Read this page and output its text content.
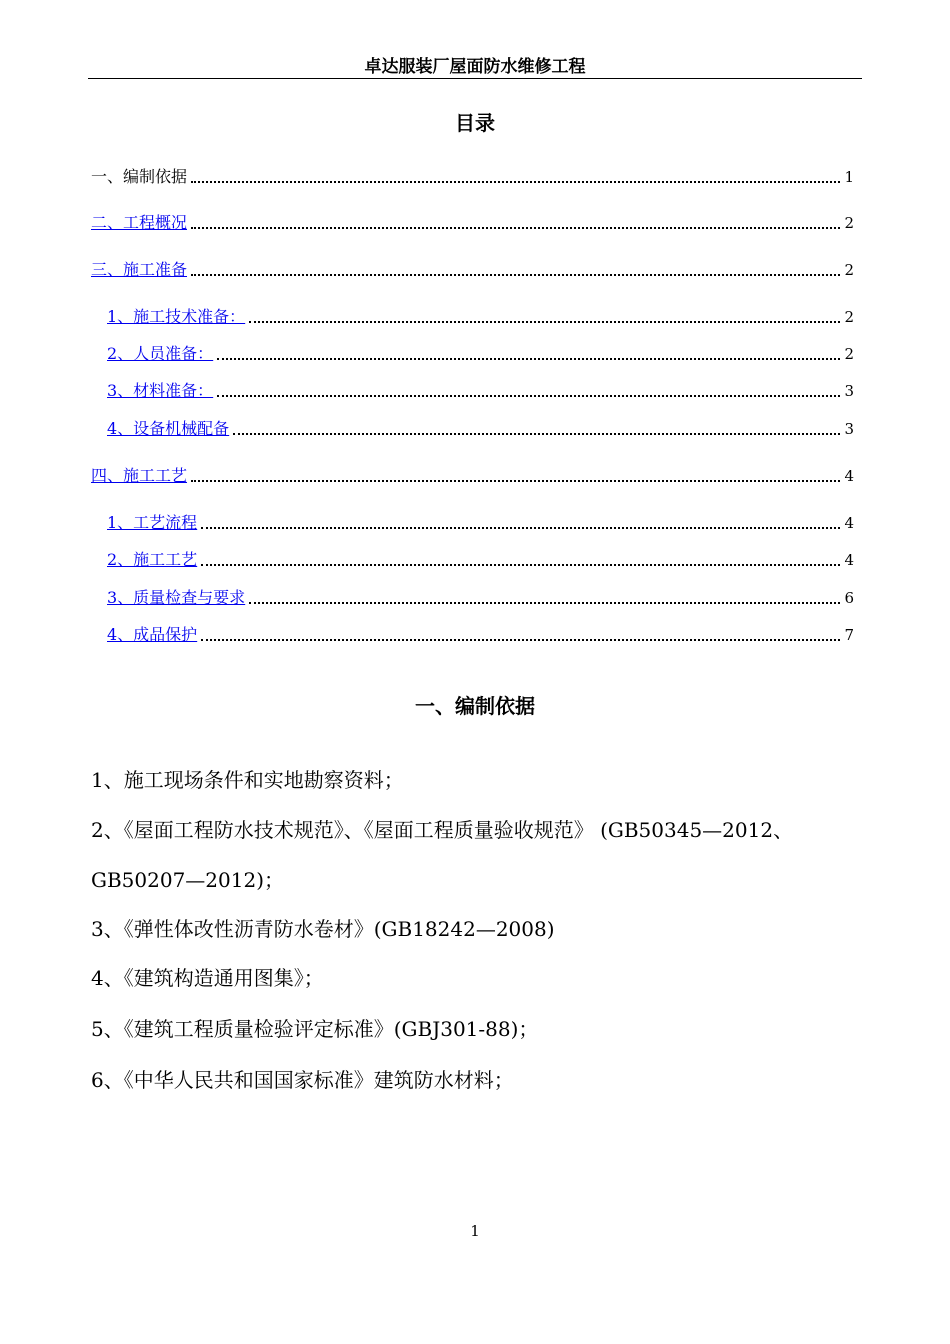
卓达服装厂屋面防水维修工程
目录
一、编制依据	1
二、工程概况	2
三、施工准备	2
1、施工技术准备：	2
2、人员准备：	2
3、材料准备：	3
4、设备机械配备	3
四、施工工艺	4
1、工艺流程	4
2、施工工艺	4
3、质量检查与要求	6
4、成品保护	7
一、编制依据
1、施工现场条件和实地勘察资料；
2、《屋面工程防水技术规范》、《屋面工程质量验收规范》 (GB50345—2012、
GB50207—2012)；
3、《弹性体改性沥青防水卷材》(GB18242—2008)
4、《建筑构造通用图集》；
5、《建筑工程质量检验评定标准》(GBJ301-88)；
6、《中华人民共和国国家标准》建筑防水材料；
1
